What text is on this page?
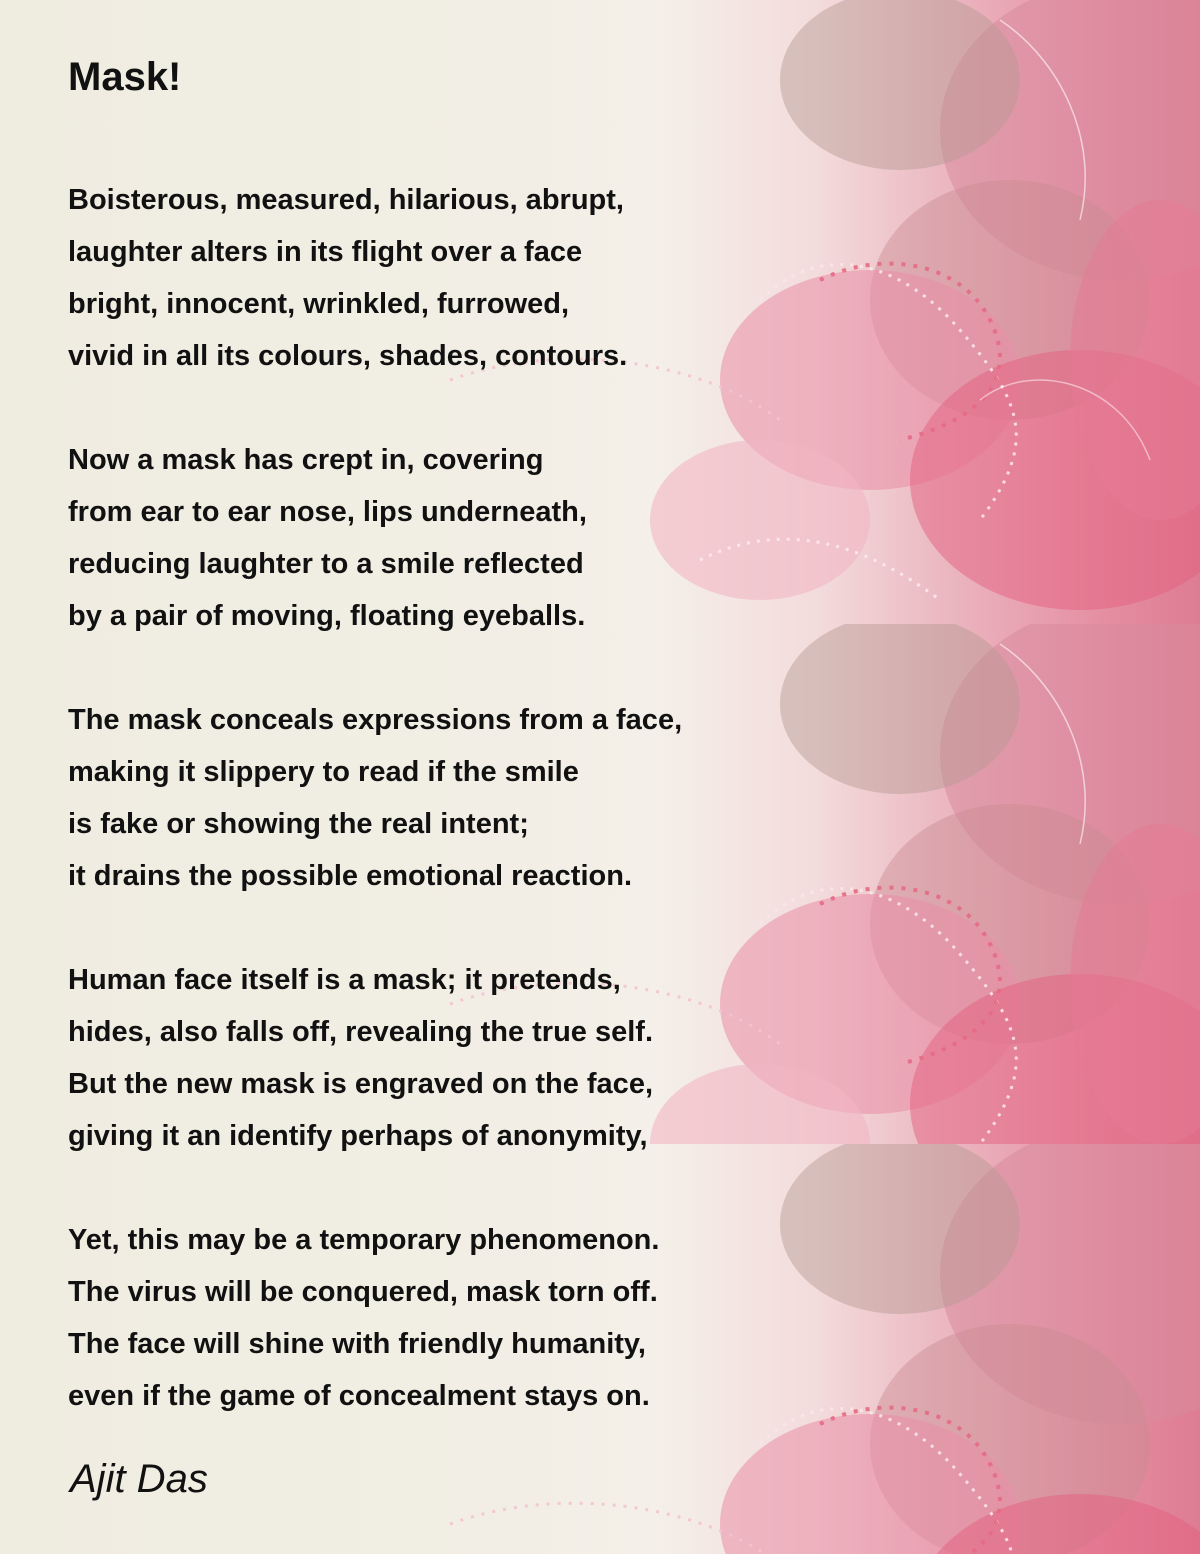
Mask!
Boisterous, measured, hilarious, abrupt,
laughter alters in its flight over a face
bright, innocent, wrinkled, furrowed,
vivid in all its colours, shades, contours.
Now a mask has crept in, covering
from ear to ear nose, lips underneath,
reducing laughter to a smile reflected
by a pair of moving, floating eyeballs.
The mask conceals expressions from a face,
making it slippery to read if the smile
is fake or showing the real intent;
it drains the possible emotional reaction.
Human face itself is a mask; it pretends,
hides, also falls off, revealing the true self.
But the new mask is engraved on the face,
giving it an identify perhaps of anonymity,
Yet, this may be a temporary phenomenon.
The virus will be conquered, mask torn off.
The face will shine with friendly humanity,
even if the game of concealment stays on.

Ajit Das
